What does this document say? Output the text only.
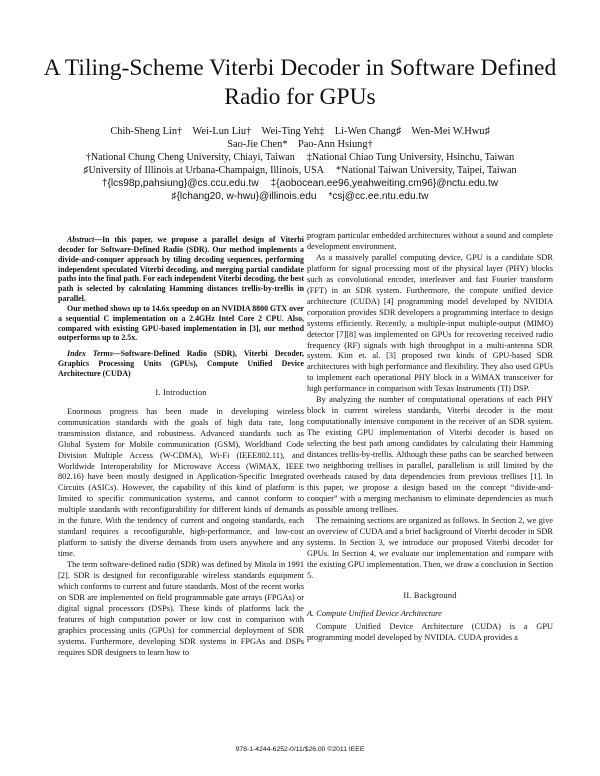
A Tiling-Scheme Viterbi Decoder in Software Defined Radio for GPUs
Chih-Sheng Lin† Wei-Lun Liu† Wei-Ting Yeh‡ Li-Wen Chang♯ Wen-Mei W.Hwu♯
Sao-Jie Chen* Pao-Ann Hsiung†
†National Chung Cheng University, Chiayi, Taiwan ‡National Chiao Tung University, Hsinchu, Taiwan
♯University of Illinois at Urbana-Champaign, Illinois, USA *National Taiwan University, Taipei, Taiwan
†{lcs98p,pahsiung}@cs.ccu.edu.tw ‡{aobocean.ee96,yeahweiting.cm96}@nctu.edu.tw
♯{lchang20, w-hwu}@illinois.edu *csj@cc.ee.ntu.edu.tw

Abstract—In this paper, we propose a parallel design of Viterbi decoder for Software-Defined Radio (SDR). Our method implements a divide-and-conquer approach by tiling decoding sequences, performing independent speculated Viterbi decoding, and merging partial candidate paths into the final path. For each independent Viterbi decoding, the best path is selected by calculating Hamming distances trellis-by-trellis in parallel.

Our method shows up to 14.6x speedup on an NVIDIA 8800 GTX over a sequential C implementation on a 2.4GHz Intel Core 2 CPU. Also, compared with existing GPU-based implementation in [3], our method outperforms up to 2.5x.

Index Terms—Software-Defined Radio (SDR), Viterbi Decoder, Graphics Processing Units (GPUs), Compute Unified Device Architecture (CUDA)

I. Introduction

Enormous progress has been made in developing wireless communication standards with the goals of high data rate, long transmission distance, and robustness. Advanced standards such as Global System for Mobile communication (GSM), Worldband Code Division Multiple Access (W-CDMA), Wi-Fi (IEEE802.11), and Worldwide Interoperability for Microwave Access (WiMAX, IEEE 802.16) have been mostly designed in Application-Specific Integrated Circuits (ASICs). However, the capability of this kind of platform is limited to specific communication systems, and cannot conform to multiple standards with reconfigurability for different kinds of demands in the future. With the tendency of current and ongoing standards, each standard requires a reconfigurable, high-performance, and low-cost platform to satisfy the diverse demands from users anywhere and any time.

The term software-defined radio (SDR) was defined by Mitola in 1991 [2]. SDR is designed for reconfigurable wireless standards equipment which conforms to current and future standards. Most of the recent works on SDR are implemented on field programmable gate arrays (FPGAs) or digital signal processors (DSPs). These kinds of platforms lack the features of high computation power or low cost in comparison with graphics processing units (GPUs) for commercial deployment of SDR systems. Furthermore, developing SDR systems in FPGAs and DSPs requires SDR designers to learn how to

program particular embedded architectures without a sound and complete development environment.

As a massively parallel computing device, GPU is a candidate SDR platform for signal processing most of the physical layer (PHY) blocks such as convolutional encoder, interleaver and fast Fourier transform (FFT) in an SDR system. Furthermore, the compute unified device architecture (CUDA) [4] programming model developed by NVIDIA corporation provides SDR developers a programming interface to design systems efficiently. Recently, a multiple-input multiple-output (MIMO) detector [7][8] was implemented on GPUs for recovering received radio frequency (RF) signals with high throughput in a multi-antenna SDR system. Kim et. al. [3] proposed two kinds of GPU-based SDR architectures with high performance and flexibility. They also used GPUs to implement each operational PHY block in a WiMAX transceiver for high performance in comparison with Texas Instruments (TI) DSP.

By analyzing the number of computational operations of each PHY block in current wireless standards, Viterbi decoder is the most computationally intensive component in the receiver of an SDR system. The existing GPU implementation of Viterbi decoder is based on selecting the best path among candidates by calculating their Hamming distances trellis-by-trellis. Although these paths can be searched between two neighboring trellises in parallel, parallelism is still limited by the overheads caused by data dependencies from previous trellises [1]. In this paper, we propose a design based on the concept “divide-and-conquer” with a merging mechanism to eliminate dependencies as much as possible among trellises.

The remaining sections are organized as follows. In Section 2, we give an overview of CUDA and a brief background of Viterbi decoder in SDR systems. In Section 3, we introduce our proposed Viterbi decoder for GPUs. In Section 4, we evaluate our implementation and compare with the existing GPU implementation. Then, we draw a conclusion in Section 5.

II. Background
A. Compute Unified Device Architecture

Compute Unified Device Architecture (CUDA) is a GPU programming model developed by NVIDIA. CUDA provides a

978-1-4244-6252-0/11/$26.00 ©2011 IEEE
